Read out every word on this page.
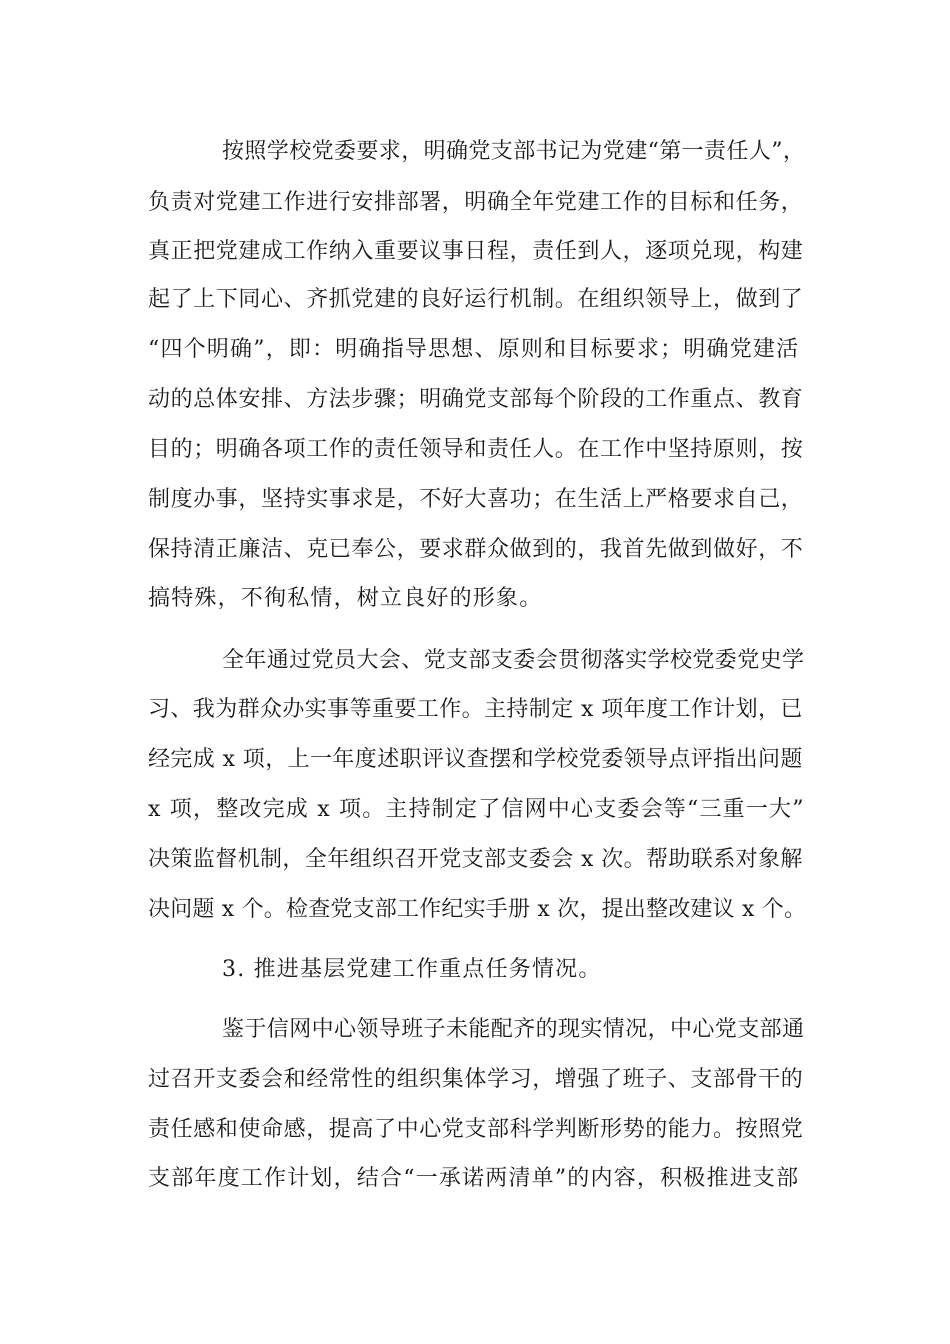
按照学校党委要求，明确党支部书记为党建“第一责任人”，

负责对党建工作进行安排部署，明确全年党建工作的目标和任务，

真正把党建成工作纳入重要议事日程，责任到人，逐项兑现，构建

起了上下同心、齐抓党建的良好运行机制。在组织领导上，做到了

“四个明确”，即：明确指导思想、原则和目标要求；明确党建活

动的总体安排、方法步骤；明确党支部每个阶段的工作重点、教育

目的；明确各项工作的责任领导和责任人。在工作中坚持原则，按

制度办事，坚持实事求是，不好大喜功；在生活上严格要求自己，

保持清正廉洁、克已奉公，要求群众做到的，我首先做到做好，不

搞特殊，不徇私情，树立良好的形象。

全年通过党员大会、党支部支委会贯彻落实学校党委党史学

习、我为群众办实事等重要工作。主持制定 x 项年度工作计划，已

经完成 x 项，上一年度述职评议查摆和学校党委领导点评指出问题

x 项，整改完成 x 项。主持制定了信网中心支委会等“三重一大”

决策监督机制，全年组织召开党支部支委会 x 次。帮助联系对象解

决问题 x 个。检查党支部工作纪实手册 x 次，提出整改建议 x 个。

3. 推进基层党建工作重点任务情况。

鉴于信网中心领导班子未能配齐的现实情况，中心党支部通

过召开支委会和经常性的组织集体学习，增强了班子、支部骨干的

责任感和使命感，提高了中心党支部科学判断形势的能力。按照党

支部年度工作计划，结合“一承诺两清单”的内容，积极推进支部
